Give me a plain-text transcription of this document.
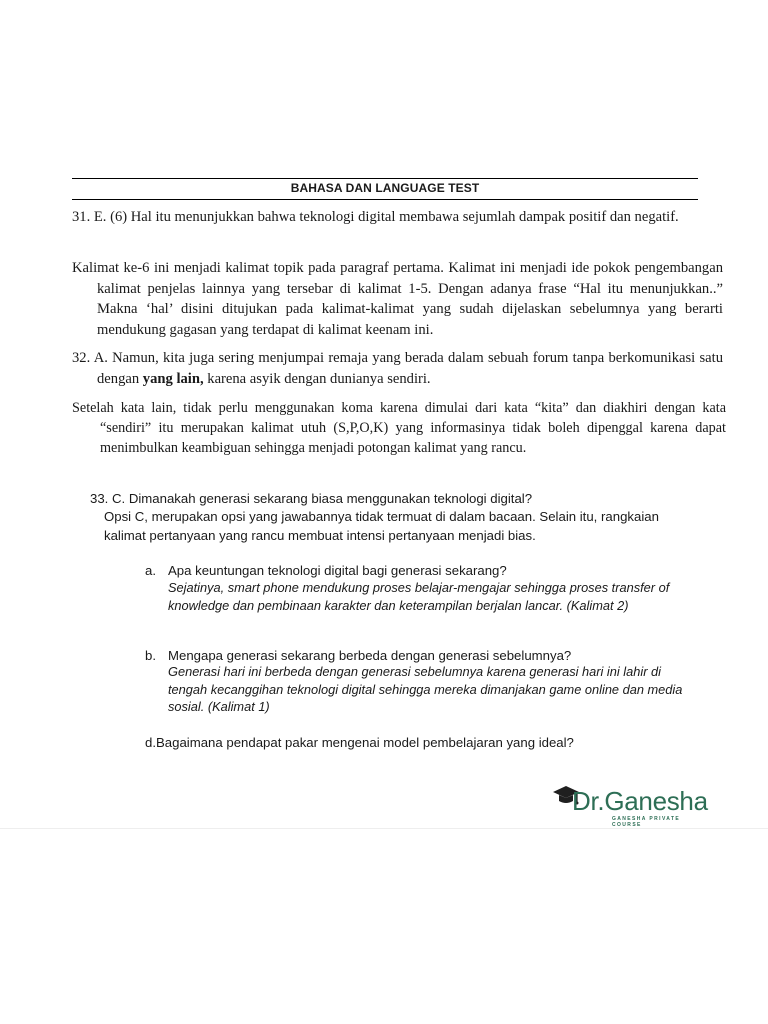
BAHASA DAN LANGUAGE TEST
31. E. (6) Hal itu menunjukkan bahwa teknologi digital membawa sejumlah dampak positif dan negatif.
Kalimat ke-6 ini menjadi kalimat topik pada paragraf pertama. Kalimat ini menjadi ide pokok pengembangan kalimat penjelas lainnya yang tersebar di kalimat 1-5. Dengan adanya frase “Hal itu menunjukkan..” Makna ‘hal’ disini ditujukan pada kalimat-kalimat yang sudah dijelaskan sebelumnya yang berarti mendukung gagasan yang terdapat di kalimat keenam ini.
32. A. Namun, kita juga sering menjumpai remaja yang berada dalam sebuah forum tanpa berkomunikasi satu dengan yang lain, karena asyik dengan dunianya sendiri.
Setelah kata lain, tidak perlu menggunakan koma karena dimulai dari kata “kita” dan diakhiri dengan kata “sendiri” itu merupakan kalimat utuh (S,P,O,K) yang informasinya tidak boleh dipenggal karena dapat menimbulkan keambiguan sehingga menjadi potongan kalimat yang rancu.
33. C. Dimanakah generasi sekarang biasa menggunakan teknologi digital?
Opsi C, merupakan opsi yang jawabannya tidak termuat di dalam bacaan. Selain itu, rangkaian kalimat pertanyaan yang rancu membuat intensi pertanyaan menjadi bias.
a. Apa keuntungan teknologi digital bagi generasi sekarang?
Sejatinya, smart phone mendukung proses belajar-mengajar sehingga proses transfer of knowledge dan pembinaan karakter dan keterampilan berjalan lancar. (Kalimat 2)
b. Mengapa generasi sekarang berbeda dengan generasi sebelumnya?
Generasi hari ini berbeda dengan generasi sebelumnya karena generasi hari ini lahir di tengah kecanggihan teknologi digital sehingga mereka dimanjakan game online dan media sosial. (Kalimat 1)
d.Bagaimana pendapat pakar mengenai model pembelajaran yang ideal?
Dr.Ganesha
GANESHA PRIVATE COURSE
